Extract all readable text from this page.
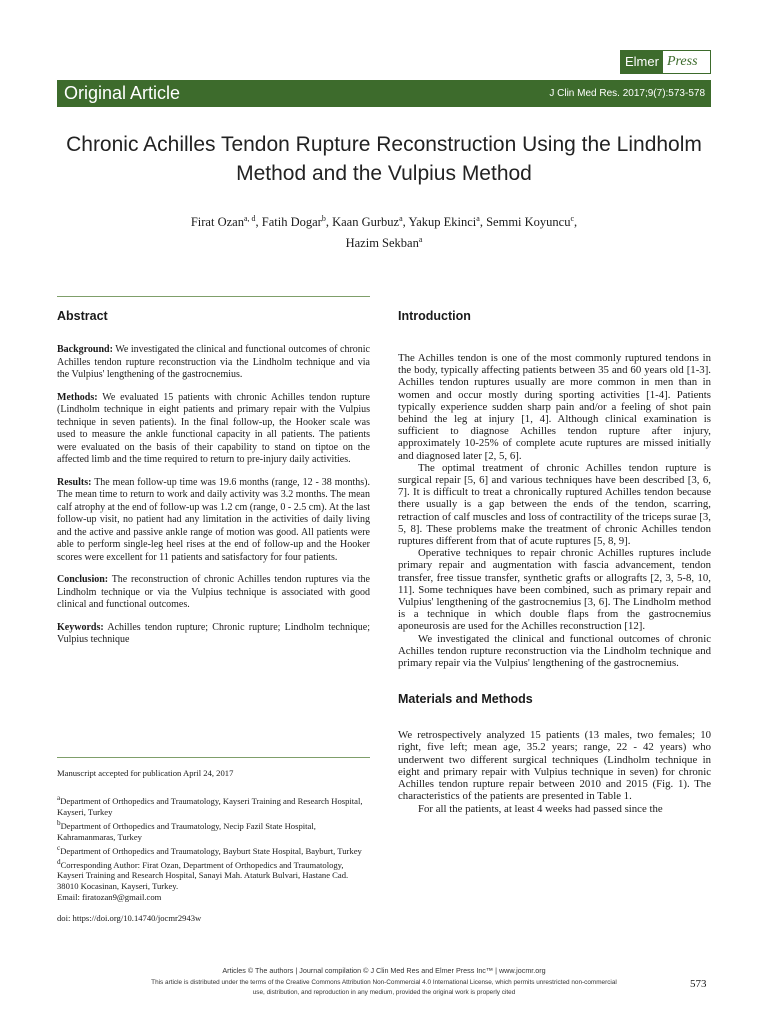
Elmer Press
Original Article	J Clin Med Res. 2017;9(7):573-578
Chronic Achilles Tendon Rupture Reconstruction Using the Lindholm Method and the Vulpius Method
Firat Ozan$^{a, d}$, Fatih Dogar$^b$, Kaan Gurbuz$^a$, Yakup Ekinci$^a$, Semmi Koyuncu$^c$,
Hazim Sekban$^a$
Abstract

Background: We investigated the clinical and functional outcomes of chronic Achilles tendon rupture reconstruction via the Lindholm technique and via the Vulpius' lengthening of the gastrocnemius.

Methods: We evaluated 15 patients with chronic Achilles tendon rupture (Lindholm technique in eight patients and primary repair with the Vulpius technique in seven patients). In the final follow-up, the Hooker scale was used to measure the ankle functional capacity in all patients. The patients were evaluated on the basis of their capability to stand on tiptoe on the affected limb and the time required to return to pre-injury daily activities.

Results: The mean follow-up time was 19.6 months (range, 12 - 38 months). The mean time to return to work and daily activity was 3.2 months. The mean calf atrophy at the end of follow-up was 1.2 cm (range, 0 - 2.5 cm). At the last follow-up visit, no patient had any limitation in the activities of daily living and the active and passive ankle range of motion was good. All patients were able to perform single-leg heel rises at the end of follow-up and the Hooker scores were excellent for 11 patients and satisfactory for four patients.

Conclusion: The reconstruction of chronic Achilles tendon ruptures via the Lindholm technique or via the Vulpius technique is associated with good clinical and functional outcomes.

Keywords: Achilles tendon rupture; Chronic rupture; Lindholm technique; Vulpius technique

Manuscript accepted for publication April 24, 2017

$^a$Department of Orthopedics and Traumatology, Kayseri Training and Research Hospital, Kayseri, Turkey

$^b$Department of Orthopedics and Traumatology, Necip Fazil State Hospital, Kahramanmaras, Turkey

$^c$Department of Orthopedics and Traumatology, Bayburt State Hospital, Bayburt, Turkey

$^d$Corresponding Author: Firat Ozan, Department of Orthopedics and Traumatology, Kayseri Training and Research Hospital, Sanayi Mah. Ataturk Bulvari, Hastane Cad. 38010 Kocasinan, Kayseri, Turkey.

Email: firatozan9@gmail.com

doi: https://doi.org/10.14740/jocmr2943w

Introduction

The Achilles tendon is one of the most commonly ruptured tendons in the body, typically affecting patients between 35 and 60 years old [1-3]. Achilles tendon ruptures usually are more common in men than in women and occur mostly during sporting activities [1-4]. Patients typically experience sudden sharp pain and/or a feeling of shot pain behind the leg at injury [1, 4]. Although clinical examination is sufficient to diagnose Achilles tendon rupture after injury, approximately 10-25% of complete acute ruptures are missed initially and diagnosed later [2, 5, 6].

The optimal treatment of chronic Achilles tendon rupture is surgical repair [5, 6] and various techniques have been described [3, 6, 7]. It is difficult to treat a chronically ruptured Achilles tendon because there usually is a gap between the ends of the tendon, scarring, retraction of calf muscles and loss of contractility of the triceps surae [3, 5, 8]. These problems make the treatment of chronic Achilles tendon ruptures different from that of acute ruptures [5, 8, 9].

Operative techniques to repair chronic Achilles ruptures include primary repair and augmentation with fascia advancement, tendon transfer, free tissue transfer, synthetic grafts or allografts [2, 3, 5-8, 10, 11]. Some techniques have been combined, such as primary repair and Vulpius' lengthening of the gastrocnemius [3, 6]. The Lindholm method is a technique in which double flaps from the gastrocnemius aponeurosis are used for the Achilles reconstruction [12].

We investigated the clinical and functional outcomes of chronic Achilles tendon rupture reconstruction via the Lindholm technique and primary repair via the Vulpius' lengthening of the gastrocnemius.

Materials and Methods

We retrospectively analyzed 15 patients (13 males, two females; 10 right, five left; mean age, 35.2 years; range, 22 - 42 years) who underwent two different surgical techniques (Lindholm technique in eight and primary repair with Vulpius technique in seven) for chronic Achilles tendon rupture repair between 2010 and 2015 (Fig. 1). The characteristics of the patients are presented in Table 1.

For all the patients, at least 4 weeks had passed since the

Articles © The authors | Journal compilation © J Clin Med Res and Elmer Press Inc™ | www.jocmr.org
This article is distributed under the terms of the Creative Commons Attribution Non-Commercial 4.0 International License, which permits unrestricted non-commercial use, distribution, and reproduction in any medium, provided the original work is properly cited
573
